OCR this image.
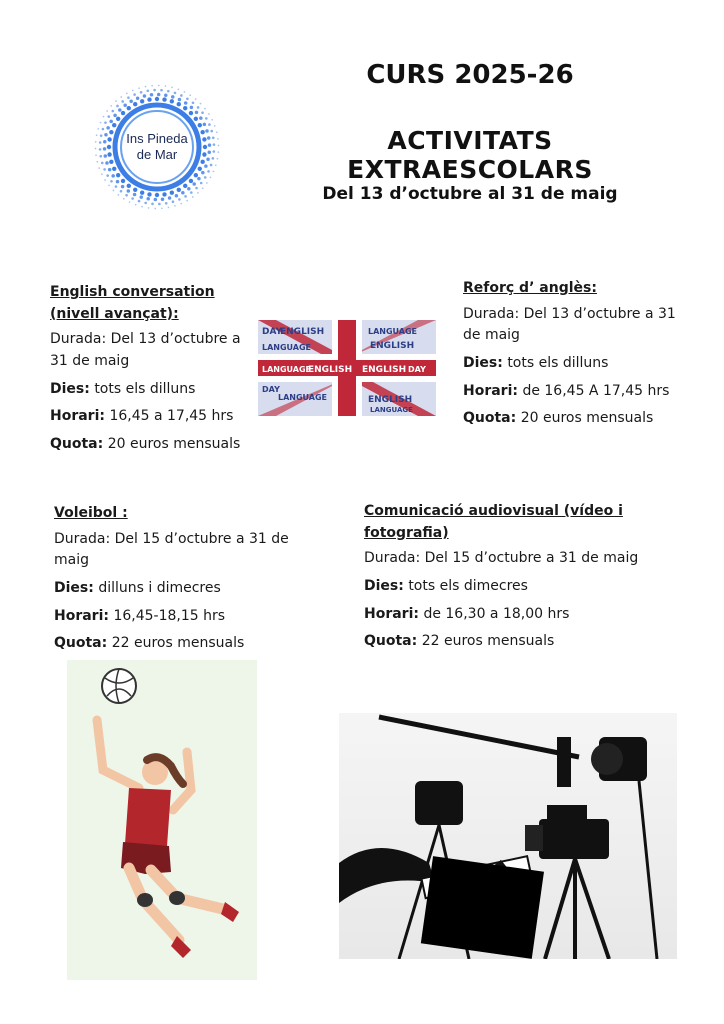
Ins Pineda
de Mar
CURS 2025-26
ACTIVITATS EXTRAESCOLARS
Del 13 d’octubre al 31 de maig
English conversation (nivell avançat):

Durada: Del 13 d’octubre a 31 de maig

Dies: tots els dilluns

Horari: 16,45 a 17,45 hrs

Quota: 20 euros mensuals

DAY
ENGLISH	LANGUAGE
LANGUAGE	ENGLISH
LANGUAGE
ENGLISH ENGLISH DAY
DAY
LANGUAGE	ENGLISH
LANGUAGE
Reforç d’ anglès:

Durada: Del 13 d’octubre a 31 de maig

Dies: tots els dilluns

Horari: de 16,45 A 17,45 hrs

Quota: 20 euros mensuals

Voleibol :

Durada: Del 15 d’octubre a 31 de maig

Dies: dilluns i dimecres

Horari: 16,45-18,15 hrs

Quota: 22 euros mensuals

Comunicació audiovisual (vídeo i fotografia)

Durada: Del 15 d’octubre a 31 de maig

Dies: tots els dimecres

Horari: de 16,30 a 18,00 hrs

Quota: 22 euros mensuals
